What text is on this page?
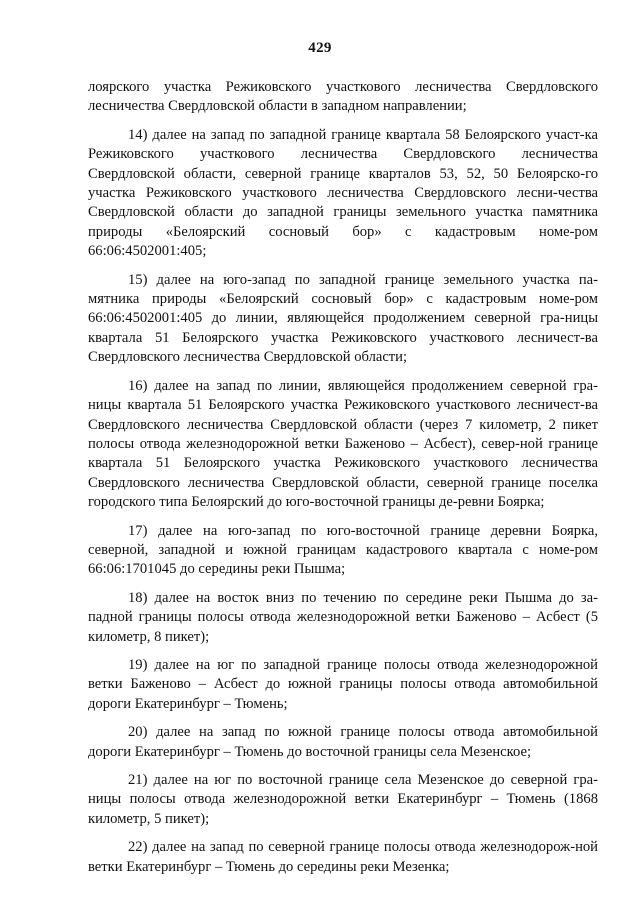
429

лоярского участка Режиковского участкового лесничества Свердловского лесничества Свердловской области в западном направлении;

14) далее на запад по западной границе квартала 58 Белоярского участ-ка Режиковского участкового лесничества Свердловского лесничества Свердловской области, северной границе кварталов 53, 52, 50 Белоярско-го участка Режиковского участкового лесничества Свердловского лесни-чества Свердловской области до западной границы земельного участка памятника природы «Белоярский сосновый бор» с кадастровым номе-ром 66:06:4502001:405;

15) далее на юго-запад по западной границе земельного участка па-мятника природы «Белоярский сосновый бор» с кадастровым номе-ром 66:06:4502001:405 до линии, являющейся продолжением северной гра-ницы квартала 51 Белоярского участка Режиковского участкового лесничест-ва Свердловского лесничества Свердловской области;

16) далее на запад по линии, являющейся продолжением северной гра-ницы квартала 51 Белоярского участка Режиковского участкового лесничест-ва Свердловского лесничества Свердловской области (через 7 километр, 2 пикет полосы отвода железнодорожной ветки Баженово – Асбест), север-ной границе квартала 51 Белоярского участка Режиковского участкового лесничества Свердловского лесничества Свердловской области, северной границе поселка городского типа Белоярский до юго-восточной границы де-ревни Боярка;

17) далее на юго-запад по юго-восточной границе деревни Боярка, северной, западной и южной границам кадастрового квартала с номе-ром 66:06:1701045 до середины реки Пышма;

18) далее на восток вниз по течению по середине реки Пышма до за-падной границы полосы отвода железнодорожной ветки Баженово – Асбест (5 километр, 8 пикет);

19) далее на юг по западной границе полосы отвода железнодорожной ветки Баженово – Асбест до южной границы полосы отвода автомобильной дороги Екатеринбург – Тюмень;

20) далее на запад по южной границе полосы отвода автомобильной дороги Екатеринбург – Тюмень до восточной границы села Мезенское;

21) далее на юг по восточной границе села Мезенское до северной гра-ницы полосы отвода железнодорожной ветки Екатеринбург – Тюмень (1868 километр, 5 пикет);

22) далее на запад по северной границе полосы отвода железнодорож-ной ветки Екатеринбург – Тюмень до середины реки Мезенка;
